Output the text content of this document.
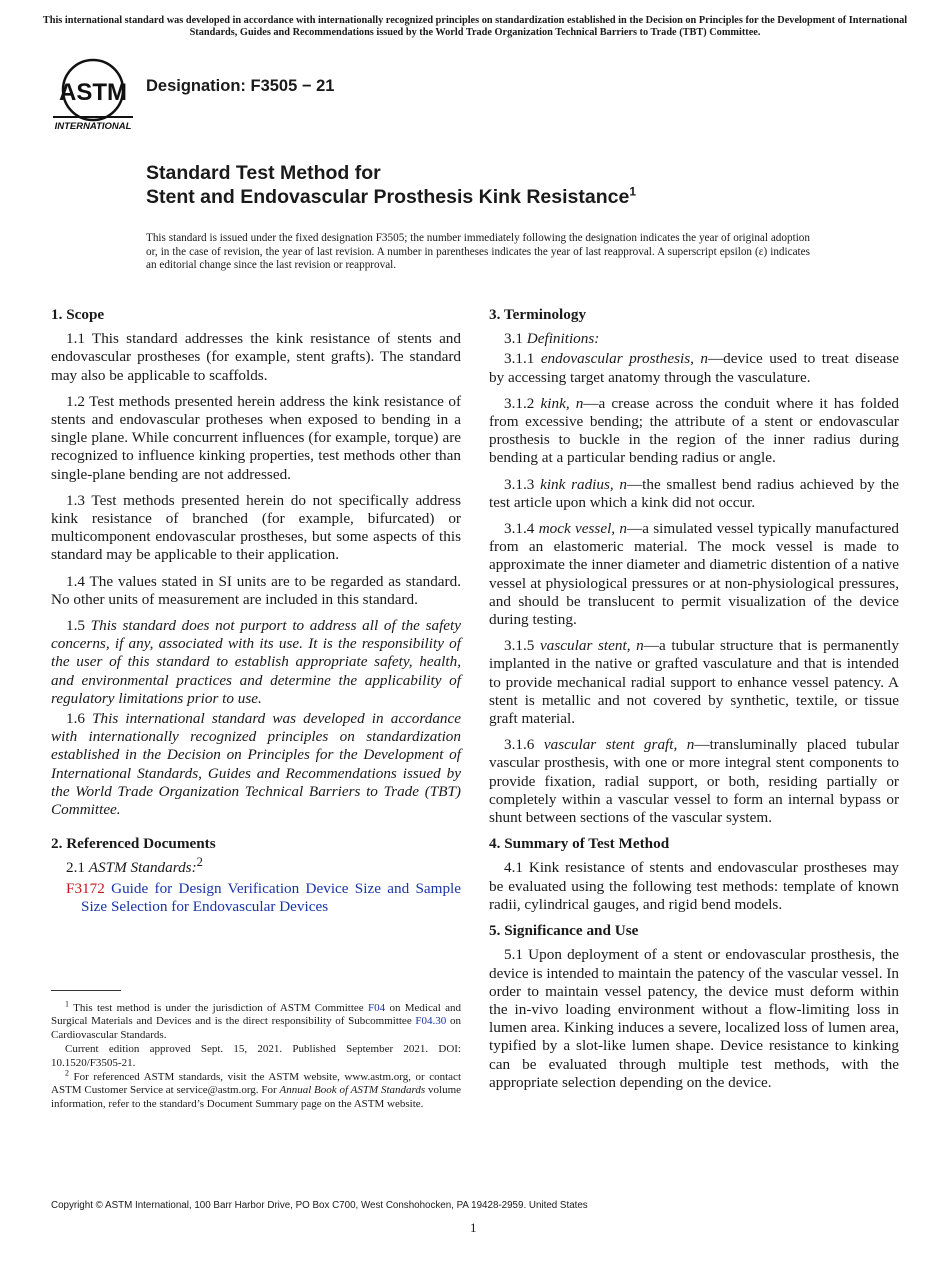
This international standard was developed in accordance with internationally recognized principles on standardization established in the Decision on Principles for the Development of International Standards, Guides and Recommendations issued by the World Trade Organization Technical Barriers to Trade (TBT) Committee.
ASTM
INTERNATIONAL
Designation: F3505 − 21
Standard Test Method for
Stent and Endovascular Prosthesis Kink Resistance$^1$
This standard is issued under the fixed designation F3505; the number immediately following the designation indicates the year of original adoption or, in the case of revision, the year of last revision. A number in parentheses indicates the year of last reapproval. A superscript epsilon (ε) indicates an editorial change since the last revision or reapproval.
1. Scope
1.1 This standard addresses the kink resistance of stents and endovascular prostheses (for example, stent grafts). The standard may also be applicable to scaffolds.
1.2 Test methods presented herein address the kink resistance of stents and endovascular protheses when exposed to bending in a single plane. While concurrent influences (for example, torque) are recognized to influence kinking properties, test methods other than single-plane bending are not addressed.
1.3 Test methods presented herein do not specifically address kink resistance of branched (for example, bifurcated) or multicomponent endovascular prostheses, but some aspects of this standard may be applicable to their application.
1.4 The values stated in SI units are to be regarded as standard. No other units of measurement are included in this standard.
1.5 This standard does not purport to address all of the safety concerns, if any, associated with its use. It is the responsibility of the user of this standard to establish appropriate safety, health, and environmental practices and determine the applicability of regulatory limitations prior to use.
1.6 This international standard was developed in accordance with internationally recognized principles on standardization established in the Decision on Principles for the Development of International Standards, Guides and Recommendations issued by the World Trade Organization Technical Barriers to Trade (TBT) Committee.
2. Referenced Documents
2.1 ASTM Standards:$^2$
F3172 Guide for Design Verification Device Size and Sample Size Selection for Endovascular Devices
3. Terminology
3.1 Definitions:
3.1.1 endovascular prosthesis, n—device used to treat disease by accessing target anatomy through the vasculature.
3.1.2 kink, n—a crease across the conduit where it has folded from excessive bending; the attribute of a stent or endovascular prosthesis to buckle in the region of the inner radius during bending at a particular bending radius or angle.
3.1.3 kink radius, n—the smallest bend radius achieved by the test article upon which a kink did not occur.
3.1.4 mock vessel, n—a simulated vessel typically manufactured from an elastomeric material. The mock vessel is made to approximate the inner diameter and diametric distention of a native vessel at physiological pressures or at non-physiological pressures, and should be translucent to permit visualization of the device during testing.
3.1.5 vascular stent, n—a tubular structure that is permanently implanted in the native or grafted vasculature and that is intended to provide mechanical radial support to enhance vessel patency. A stent is metallic and not covered by synthetic, textile, or tissue graft material.
3.1.6 vascular stent graft, n—transluminally placed tubular vascular prosthesis, with one or more integral stent components to provide fixation, radial support, or both, residing partially or completely within a vascular vessel to form an internal bypass or shunt between sections of the vascular system.
4. Summary of Test Method
4.1 Kink resistance of stents and endovascular prostheses may be evaluated using the following test methods: template of known radii, cylindrical gauges, and rigid bend models.
5. Significance and Use
5.1 Upon deployment of a stent or endovascular prosthesis, the device is intended to maintain the patency of the vascular vessel. In order to maintain vessel patency, the device must deform within the in-vivo loading environment without a flow-limiting loss in lumen area. Kinking induces a severe, localized loss of lumen area, typified by a slot-like lumen shape. Device resistance to kinking can be evaluated through multiple test methods, with the appropriate selection depending on the device.
$^1$ This test method is under the jurisdiction of ASTM Committee F04 on Medical and Surgical Materials and Devices and is the direct responsibility of Subcommittee F04.30 on Cardiovascular Standards.
Current edition approved Sept. 15, 2021. Published September 2021. DOI: 10.1520/F3505-21.
$^2$ For referenced ASTM standards, visit the ASTM website, www.astm.org, or contact ASTM Customer Service at service@astm.org. For Annual Book of ASTM Standards volume information, refer to the standard’s Document Summary page on the ASTM website.
Copyright © ASTM International, 100 Barr Harbor Drive, PO Box C700, West Conshohocken, PA 19428-2959. United States
1
